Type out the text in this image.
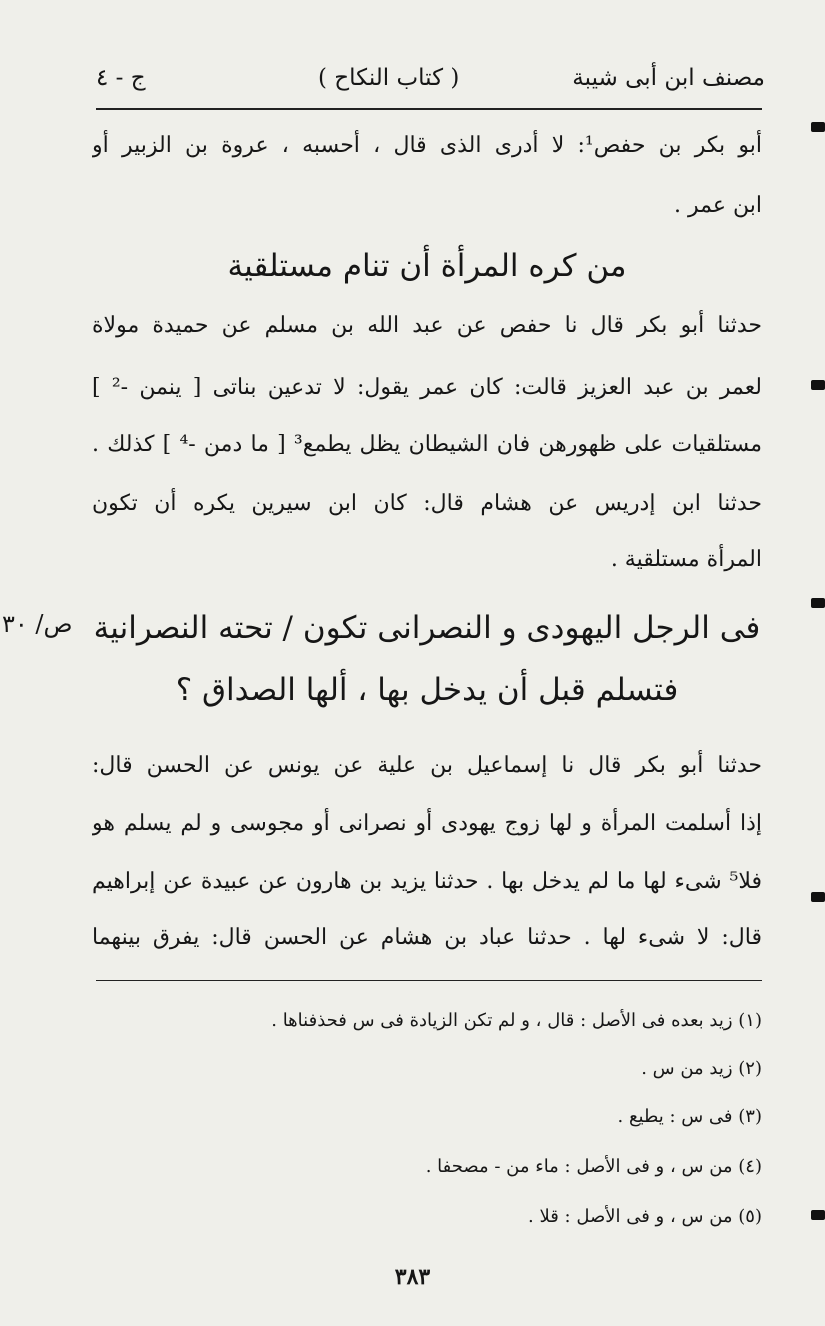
مصنف ابن أبى شيبة
( كتاب النكاح )
ج - ٤
أبو بكر بن حفص¹: لا أدرى الذى قال ، أحسبه ، عروة بن الزبير أو
ابن عمر .
من كره المرأة أن تنام مستلقية
حدثنا أبو بكر قال نا حفص عن عبد الله بن مسلم عن حميدة مولاة
لعمر بن عبد العزيز قالت: كان عمر يقول: لا تدعين بناتى [ ينمن -² ]
مستلقيات على ظهورهن فان الشيطان يظل يطمع³ [ ما دمن -⁴ ] كذلك .
حدثنا ابن إدريس عن هشام قال: كان ابن سيرين يكره أن تكون
المرأة مستلقية .
فى الرجل اليهودى و النصرانى تكون / تحته النصرانية
فتسلم قبل أن يدخل بها ، ألها الصداق ؟
ص/ ٣٠
حدثنا أبو بكر قال نا إسماعيل بن علية عن يونس عن الحسن قال:
إذا أسلمت المرأة و لها زوج يهودى أو نصرانى أو مجوسى و لم يسلم هو
فلا⁵ شىء لها ما لم يدخل بها . حدثنا يزيد بن هارون عن عبيدة عن إبراهيم
قال: لا شىء لها . حدثنا عباد بن هشام عن الحسن قال: يفرق بينهما
(١) زيد بعده فى الأصل : قال ، و لم تكن الزيادة فى س فحذفناها .
(٢) زيد من س .
(٣) فى س : يطيع .
(٤) من س ، و فى الأصل : ماء من - مصحفا .
(٥) من س ، و فى الأصل : قلا .
٣٨٣
